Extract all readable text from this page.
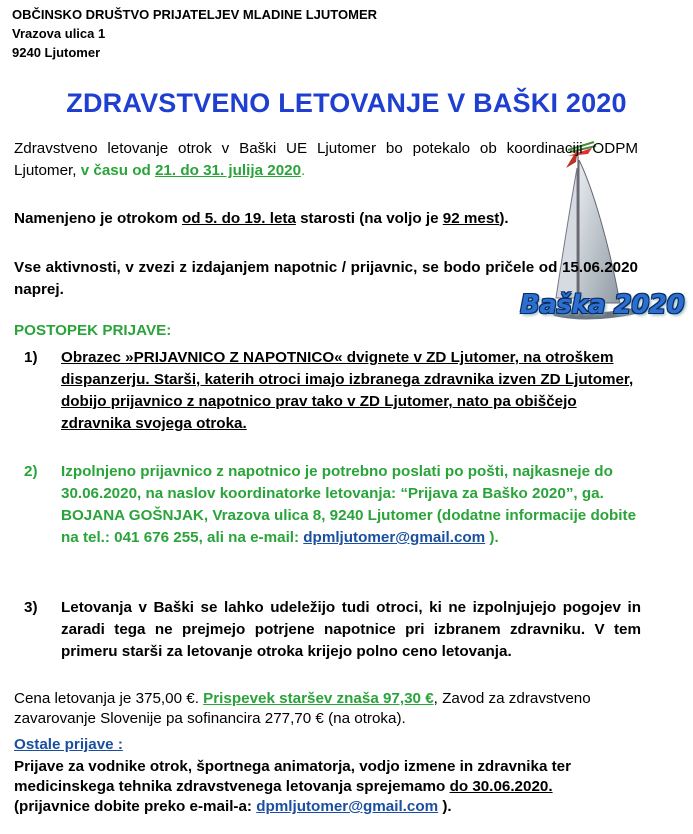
OBČINSKO DRUŠTVO PRIJATELJEV MLADINE LJUTOMER
Vrazova ulica 1
9240 Ljutomer
ZDRAVSTVENO LETOVANJE V BAŠKI 2020
Baška 2020
Zdravstveno letovanje otrok v Baški UE Ljutomer bo potekalo ob koordinaciji ODPM Ljutomer, v času od 21. do 31. julija 2020.
Namenjeno je otrokom od 5. do 19. leta starosti (na voljo je 92 mest).
Vse aktivnosti, v zvezi z izdajanjem napotnic / prijavnic, se bodo pričele od 15.06.2020 naprej.
POSTOPEK PRIJAVE:
1) Obrazec »PRIJAVNICO Z NAPOTNICO« dvignete v ZD Ljutomer, na otroškem dispanzerju. Starši, katerih otroci imajo izbranega zdravnika izven ZD Ljutomer, dobijo prijavnico z napotnico prav tako v ZD Ljutomer, nato pa obiščejo zdravnika svojega otroka.
2) Izpolnjeno prijavnico z napotnico je potrebno poslati po pošti, najkasneje do 30.06.2020, na naslov koordinatorke letovanja: “Prijava za Baško 2020”, ga. BOJANA GOŠNJAK, Vrazova ulica 8, 9240 Ljutomer (dodatne informacije dobite na tel.: 041 676 255, ali na e-mail: dpmljutomer@gmail.com ).
3) Letovanja v Baški se lahko udeležijo tudi otroci, ki ne izpolnjujejo pogojev in zaradi tega ne prejmejo potrjene napotnice pri izbranem zdravniku. V tem primeru starši za letovanje otroka krijejo polno ceno letovanja.
Cena letovanja je 375,00 €. Prispevek staršev znaša 97,30 €, Zavod za zdravstveno zavarovanje Slovenije pa sofinancira 277,70 € (na otroka).
Ostale prijave :
Prijave za vodnike otrok, športnega animatorja, vodjo izmene in zdravnika ter medicinskega tehnika zdravstvenega letovanja sprejemamo do 30.06.2020.
(prijavnice dobite preko e-mail-a: dpmljutomer@gmail.com ).
